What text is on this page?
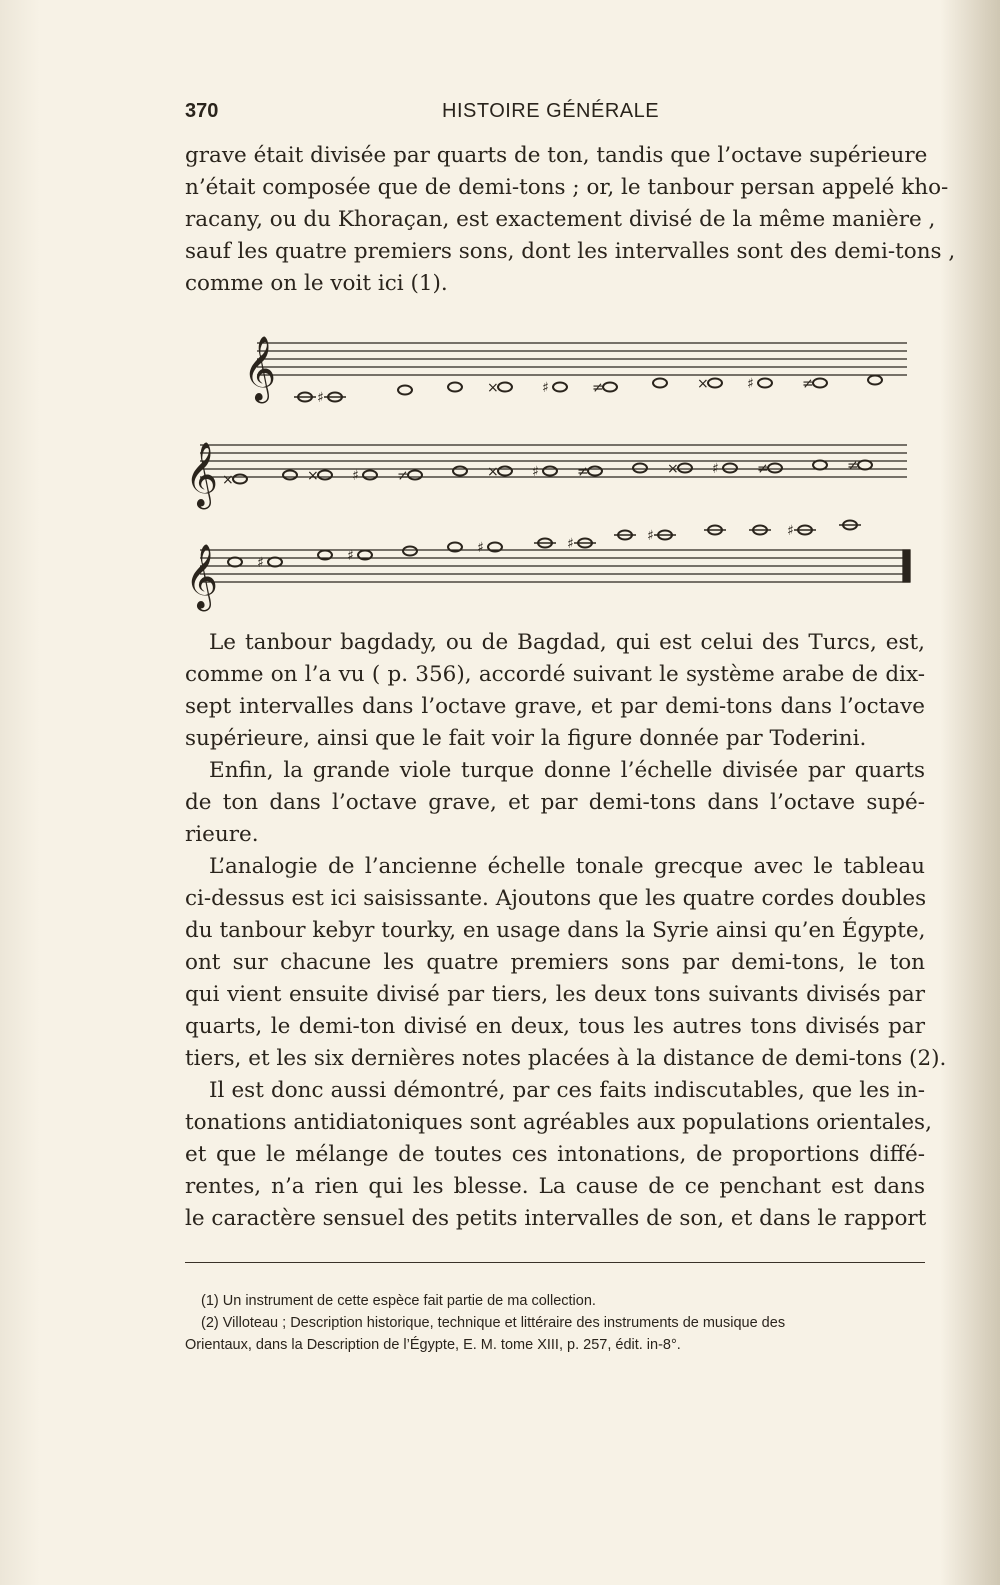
370	HISTOIRE GÉNÉRALE
grave était divisée par quarts de ton, tandis que l’octave supérieure
n’était composée que de demi-tons ; or, le tanbour persan appelé kho-
racany, ou du Khoraçan, est exactement divisé de la même manière ,
sauf les quatre premiers sons, dont les intervalles sont des demi-tons ,
comme on le voit ici (1).
♯
×	♯	≠	×	♯	≠
×	× ♯	≠	× ♯	≠	× ♯	≠	≠
♯	♯	♯	♯	♯	♯
𝄞
𝄞
𝄞
Le tanbour bagdady, ou de Bagdad, qui est celui des Turcs, est,
comme on l’a vu ( p. 356), accordé suivant le système arabe de dix-
sept intervalles dans l’octave grave, et par demi-tons dans l’octave
supérieure, ainsi que le fait voir la figure donnée par Toderini.
Enfin, la grande viole turque donne l’échelle divisée par quarts
de ton dans l’octave grave, et par demi-tons dans l’octave supé-
rieure.
L’analogie de l’ancienne échelle tonale grecque avec le tableau
ci-dessus est ici saisissante. Ajoutons que les quatre cordes doubles
du tanbour kebyr tourky, en usage dans la Syrie ainsi qu’en Égypte,
ont sur chacune les quatre premiers sons par demi-tons, le ton
qui vient ensuite divisé par tiers, les deux tons suivants divisés par
quarts, le demi-ton divisé en deux, tous les autres tons divisés par
tiers, et les six dernières notes placées à la distance de demi-tons (2).
Il est donc aussi démontré, par ces faits indiscutables, que les in-
tonations antidiatoniques sont agréables aux populations orientales,
et que le mélange de toutes ces intonations, de proportions diffé-
rentes, n’a rien qui les blesse. La cause de ce penchant est dans
le caractère sensuel des petits intervalles de son, et dans le rapport
(1) Un instrument de cette espèce fait partie de ma collection.
(2) Villoteau ; Description historique, technique et littéraire des instruments de musique des
Orientaux, dans la Description de l’Égypte, E. M. tome XIII, p. 257, édit. in-8°.
